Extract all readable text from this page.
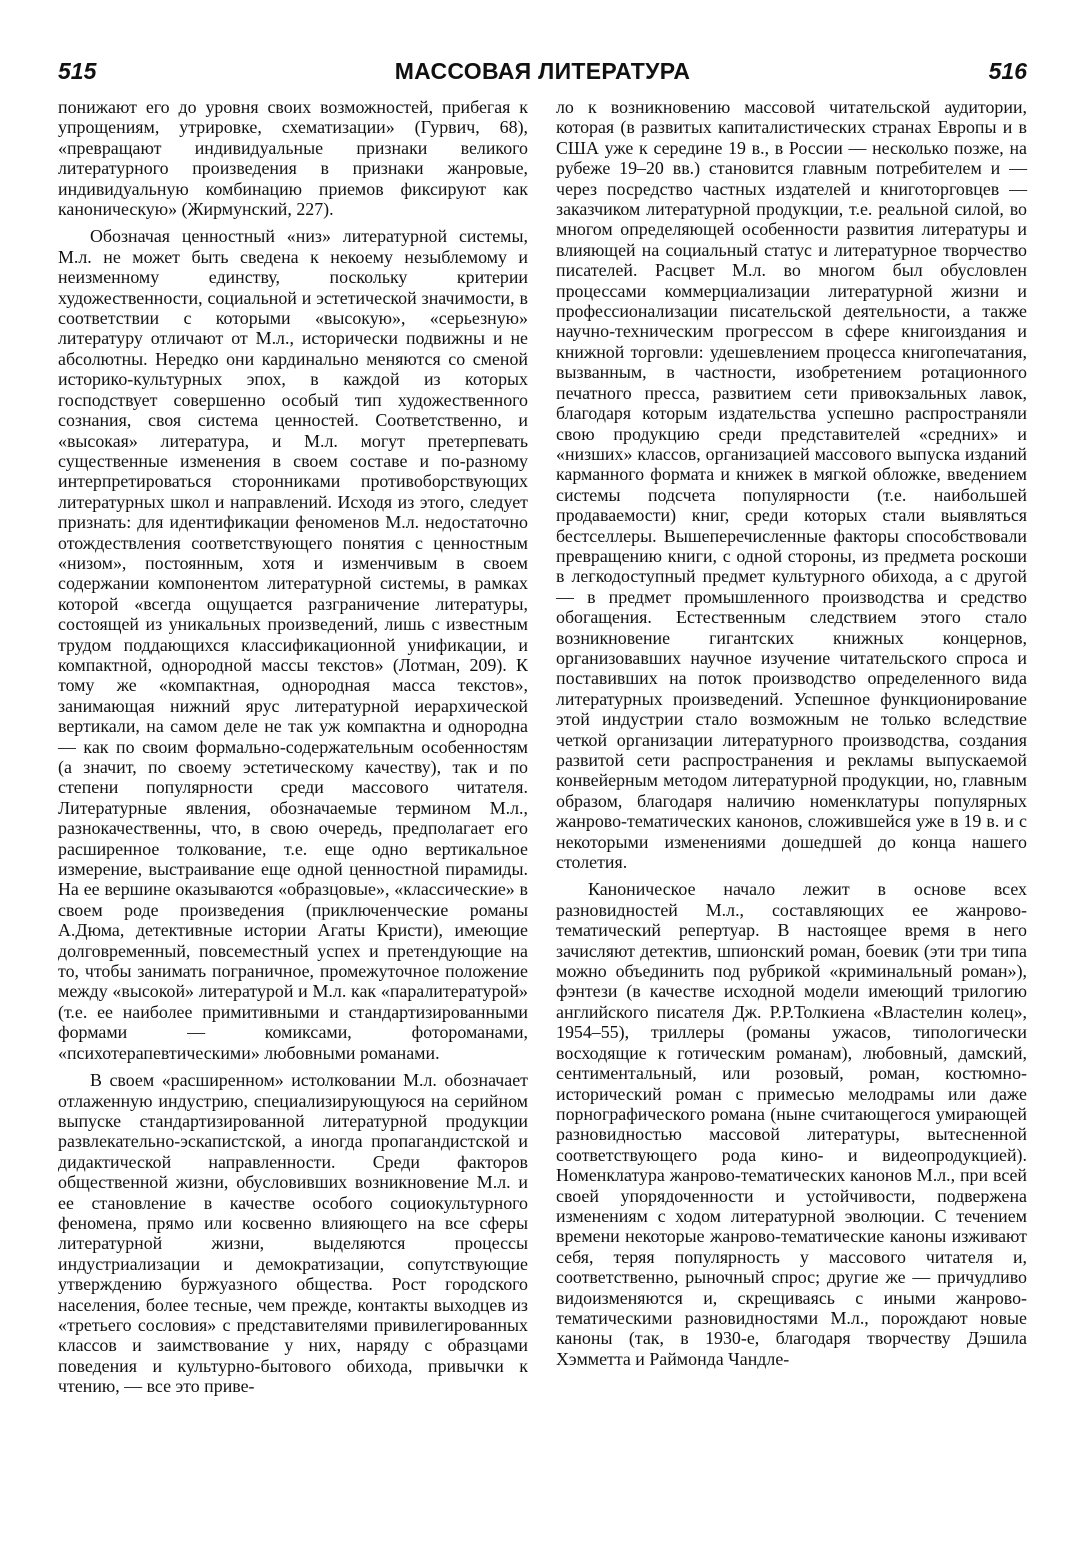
515	МАССОВАЯ ЛИТЕРАТУРА	516

понижают его до уровня своих возможностей, прибегая к упрощениям, утрировке, схематизации» (Гурвич, 68), «превращают индивидуальные признаки великого литературного произведения в признаки жанровые, индивидуальную комбинацию приемов фиксируют как каноническую» (Жирмунский, 227).

Обозначая ценностный «низ» литературной системы, М.л. не может быть сведена к некоему незыблемому и неизменному единству, поскольку критерии художественности, социальной и эстетической значимости, в соответствии с которыми «высокую», «серьезную» литературу отличают от М.л., исторически подвижны и не абсолютны. Нередко они кардинально меняются со сменой историко-культурных эпох, в каждой из которых господствует совершенно особый тип художественного сознания, своя система ценностей. Соответственно, и «высокая» литература, и М.л. могут претерпевать существенные изменения в своем составе и по-разному интерпретироваться сторонниками противоборствующих литературных школ и направлений. Исходя из этого, следует признать: для идентификации феноменов М.л. недостаточно отождествления соответствующего понятия с ценностным «низом», постоянным, хотя и изменчивым в своем содержании компонентом литературной системы, в рамках которой «всегда ощущается разграничение литературы, состоящей из уникальных произведений, лишь с известным трудом поддающихся классификационной унификации, и компактной, однородной массы текстов» (Лотман, 209). К тому же «компактная, однородная масса текстов», занимающая нижний ярус литературной иерархической вертикали, на самом деле не так уж компактна и однородна — как по своим формально-содержательным особенностям (а значит, по своему эстетическому качеству), так и по степени популярности среди массового читателя. Литературные явления, обозначаемые термином М.л., разнокачественны, что, в свою очередь, предполагает его расширенное толкование, т.е. еще одно вертикальное измерение, выстраивание еще одной ценностной пирамиды. На ее вершине оказываются «образцовые», «классические» в своем роде произведения (приключенческие романы А.Дюма, детективные истории Агаты Кристи), имеющие долговременный, повсеместный успех и претендующие на то, чтобы занимать пограничное, промежуточное положение между «высокой» литературой и М.л. как «паралитературой» (т.е. ее наиболее примитивными и стандартизированными формами — комиксами, фотороманами, «психотерапевтическими» любовными романами.

В своем «расширенном» истолковании М.л. обозначает отлаженную индустрию, специализирующуюся на серийном выпуске стандартизированной литературной продукции развлекательно-эскапистской, а иногда пропагандистской и дидактической направленности. Среди факторов общественной жизни, обусловивших возникновение М.л. и ее становление в качестве особого социокультурного феномена, прямо или косвенно влияющего на все сферы литературной жизни, выделяются процессы индустриализации и демократизации, сопутствующие утверждению буржуазного общества. Рост городского населения, более тесные, чем прежде, контакты выходцев из «третьего сословия» с представителями привилегированных классов и заимствование у них, наряду с образцами поведения и культурно-бытового обихода, привычки к чтению, — все это приве-

ло к возникновению массовой читательской аудитории, которая (в развитых капиталистических странах Европы и в США уже к середине 19 в., в России — несколько позже, на рубеже 19–20 вв.) становится главным потребителем и — через посредство частных издателей и книготорговцев — заказчиком литературной продукции, т.е. реальной силой, во многом определяющей особенности развития литературы и влияющей на социальный статус и литературное творчество писателей. Расцвет М.л. во многом был обусловлен процессами коммерциализации литературной жизни и профессионализации писательской деятельности, а также научно-техническим прогрессом в сфере книгоиздания и книжной торговли: удешевлением процесса книгопечатания, вызванным, в частности, изобретением ротационного печатного пресса, развитием сети привокзальных лавок, благодаря которым издательства успешно распространяли свою продукцию среди представителей «средних» и «низших» классов, организацией массового выпуска изданий карманного формата и книжек в мягкой обложке, введением системы подсчета популярности (т.е. наибольшей продаваемости) книг, среди которых стали выявляться бестселлеры. Вышеперечисленные факторы способствовали превращению книги, с одной стороны, из предмета роскоши в легкодоступный предмет культурного обихода, а с другой — в предмет промышленного производства и средство обогащения. Естественным следствием этого стало возникновение гигантских книжных концернов, организовавших научное изучение читательского спроса и поставивших на поток производство определенного вида литературных произведений. Успешное функционирование этой индустрии стало возможным не только вследствие четкой организации литературного производства, создания развитой сети распространения и рекламы выпускаемой конвейерным методом литературной продукции, но, главным образом, благодаря наличию номенклатуры популярных жанрово-тематических канонов, сложившейся уже в 19 в. и с некоторыми изменениями дошедшей до конца нашего столетия.

Каноническое начало лежит в основе всех разновидностей М.л., составляющих ее жанрово-тематический репертуар. В настоящее время в него зачисляют детектив, шпионский роман, боевик (эти три типа можно объединить под рубрикой «криминальный роман»), фэнтези (в качестве исходной модели имеющий трилогию английского писателя Дж. Р.Р.Толкиена «Властелин колец», 1954–55), триллеры (романы ужасов, типологически восходящие к готическим романам), любовный, дамский, сентиментальный, или розовый, роман, костюмно-исторический роман с примесью мелодрамы или даже порнографического романа (ныне считающегося умирающей разновидностью массовой литературы, вытесненной соответствующего рода кино- и видеопродукцией). Номенклатура жанрово-тематических канонов М.л., при всей своей упорядоченности и устойчивости, подвержена изменениям с ходом литературной эволюции. С течением времени некоторые жанрово-тематические каноны изживают себя, теряя популярность у массового читателя и, соответственно, рыночный спрос; другие же — причудливо видоизменяются и, скрещиваясь с иными жанрово-тематическими разновидностями М.л., порождают новые каноны (так, в 1930-е, благодаря творчеству Дэшила Хэмметта и Раймонда Чандле-
